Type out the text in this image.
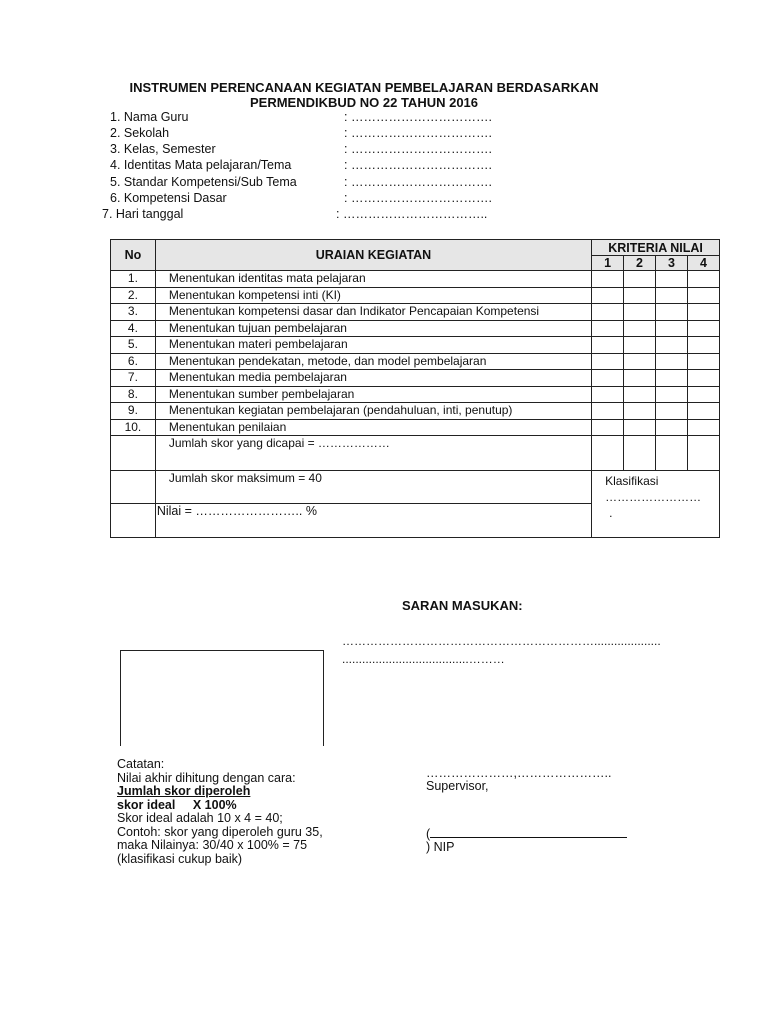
INSTRUMEN PERENCANAAN KEGIATAN PEMBELAJARAN BERDASARKAN
PERMENDIKBUD NO 22 TAHUN 2016
1. Nama Guru	: …………………………….
2. Sekolah	: …………………………….
3. Kelas, Semester	: …………………………….
4. Identitas Mata pelajaran/Tema	: …………………………….
5. Standar Kompetensi/Sub Tema	: …………………………….
6. Kompetensi Dasar	: …………………………….
7. Hari tanggal	: ……………………………..
No	URAIAN KEGIATAN	KRITERIA NILAI			
		1	2	3	4
1.	Menentukan identitas mata pelajaran				
2.	Menentukan kompetensi inti (KI)				
3.	Menentukan kompetensi dasar dan Indikator Pencapaian Kompetensi				
4.	Menentukan tujuan pembelajaran				
5.	Menentukan materi pembelajaran				
6.	Menentukan pendekatan, metode, dan model pembelajaran				
7.	Menentukan media pembelajaran				
8.	Menentukan sumber pembelajaran				
9.	Menentukan kegiatan pembelajaran (pendahuluan, inti, penutup)				
10.	Menentukan penilaian				
	Jumlah skor yang dicapai = ………………				
	Jumlah skor maksimum = 40	Klasifikasi
……………………
.			

	Nilai = …………………….. %				
SARAN MASUKAN:
………………………………………………………....................
......................................………
Catatan:
Nilai akhir dihitung dengan cara:
Jumlah skor diperoleh
skor ideal X 100%
Skor ideal adalah 10 x 4 = 40;
Contoh: skor yang diperoleh guru 35,
maka Nilainya: 30/40 x 100% = 75
(klasifikasi cukup baik)
…………………,…………………..
Supervisor,
(
) NIP
